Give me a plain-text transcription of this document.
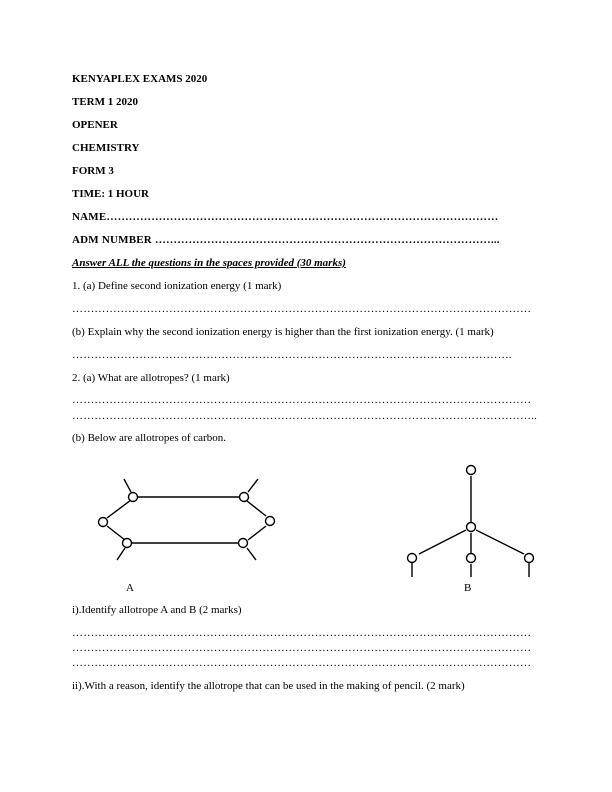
KENYAPLEX EXAMS 2020
TERM 1 2020
OPENER
CHEMISTRY
FORM 3
TIME: 1 HOUR
NAME……………………………………………………………………………………………
ADM NUMBER ………………………………………………………………………………...
Answer ALL the questions in the spaces provided (30 marks)
1. (a) Define second ionization energy (1 mark)
……………………………………………………………………………………………………………
(b) Explain why the second ionization energy is higher than the first ionization energy. (1 mark)
……………………………………………………………………………………………………….
2. (a) What are allotropes? (1 mark)
……………………………………………………………………………………………………………
……………………………………………………………………………………………………………..
(b) Below are allotropes of carbon.
A	B
i).Identify allotrope A and B (2 marks)
……………………………………………………………………………………………………………
……………………………………………………………………………………………………………
……………………………………………………………………………………………………………
ii).With a reason, identify the allotrope that can be used in the making of pencil. (2 mark)
